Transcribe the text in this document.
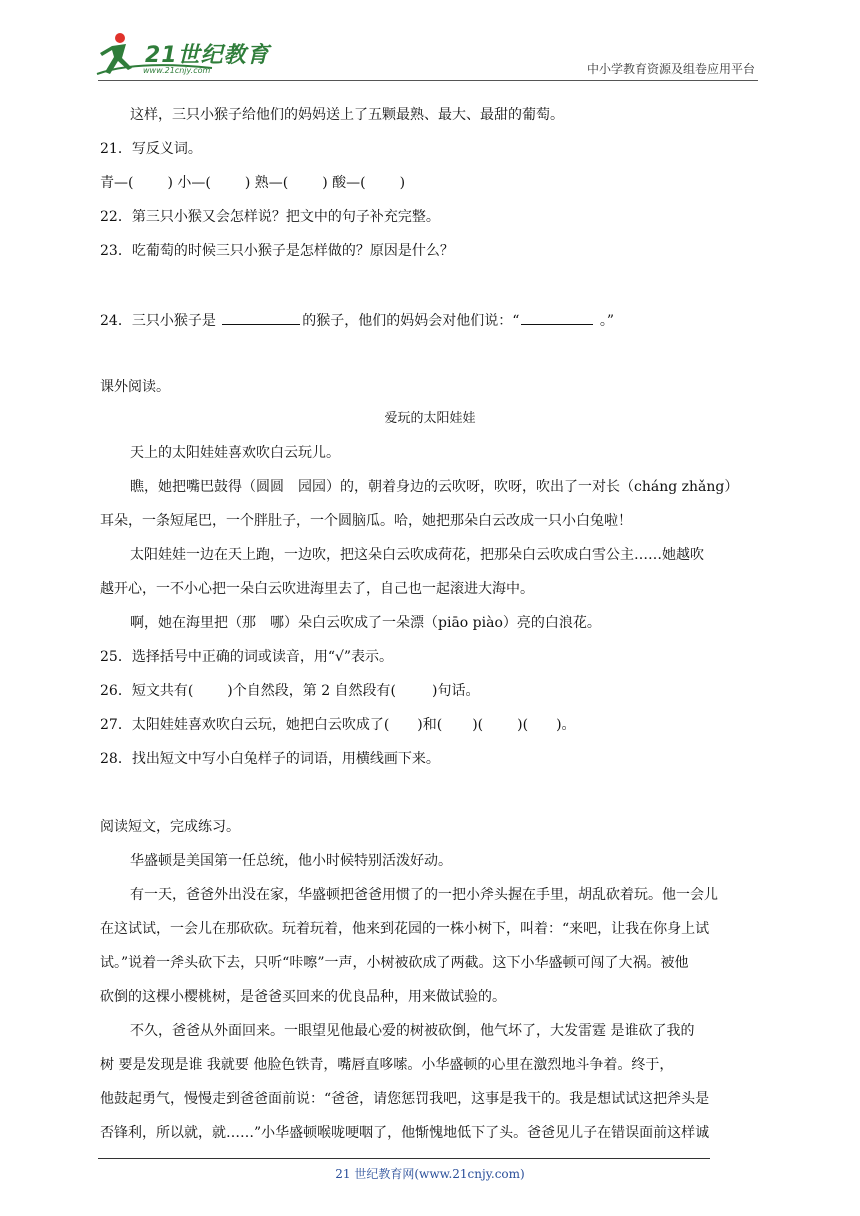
21世纪教育
www.21cnjy.com	中小学教育资源及组卷应用平台
这样，三只小猴子给他们的妈妈送上了五颗最熟、最大、最甜的葡萄。
21．写反义词。
青—( ) 小—( ) 熟—( ) 酸—( )
22．第三只小猴又会怎样说？把文中的句子补充完整。
23．吃葡萄的时候三只小猴子是怎样做的？原因是什么？
24．三只小猴子是	的猴子，他们的妈妈会对他们说：“	。”
课外阅读。
爱玩的太阳娃娃
天上的太阳娃娃喜欢吹白云玩儿。
瞧，她把嘴巴鼓得（圆圆　园园）的，朝着身边的云吹呀，吹呀，吹出了一对长（cháng zhǎng）
耳朵，一条短尾巴，一个胖肚子，一个圆脑瓜。哈，她把那朵白云改成一只小白兔啦！
太阳娃娃一边在天上跑，一边吹，把这朵白云吹成荷花，把那朵白云吹成白雪公主……她越吹
越开心，一不小心把一朵白云吹进海里去了，自己也一起滚进大海中。
啊，她在海里把（那　哪）朵白云吹成了一朵漂（piāo piào）亮的白浪花。
25．选择括号中正确的词或读音，用“√”表示。
26．短文共有( )个自然段，第 2 自然段有(	)句话。
27．太阳娃娃喜欢吹白云玩，她把白云吹成了( )和( )( )( )。
28．找出短文中写小白兔样子的词语，用横线画下来。
阅读短文，完成练习。
华盛顿是美国第一任总统，他小时候特别活泼好动。
有一天，爸爸外出没在家，华盛顿把爸爸用惯了的一把小斧头握在手里，胡乱砍着玩。他一会儿
在这试试，一会儿在那砍砍。玩着玩着，他来到花园的一株小树下，叫着：“来吧，让我在你身上试
试。”说着一斧头砍下去，只听“咔嚓”一声，小树被砍成了两截。这下小华盛顿可闯了大祸。被他
砍倒的这棵小樱桃树，是爸爸买回来的优良品种，用来做试验的。
不久，爸爸从外面回来。一眼望见他最心爱的树被砍倒，他气坏了，大发雷霆 是谁砍了我的
树 要是发现是谁 我就要 他脸色铁青，嘴唇直哆嗦。小华盛顿的心里在激烈地斗争着。终于，
他鼓起勇气，慢慢走到爸爸面前说：“爸爸，请您惩罚我吧，这事是我干的。我是想试试这把斧头是
否锋利，所以就，就……”小华盛顿喉咙哽咽了，他惭愧地低下了头。爸爸见儿子在错误面前这样诚
21 世纪教育网(www.21cnjy.com)
